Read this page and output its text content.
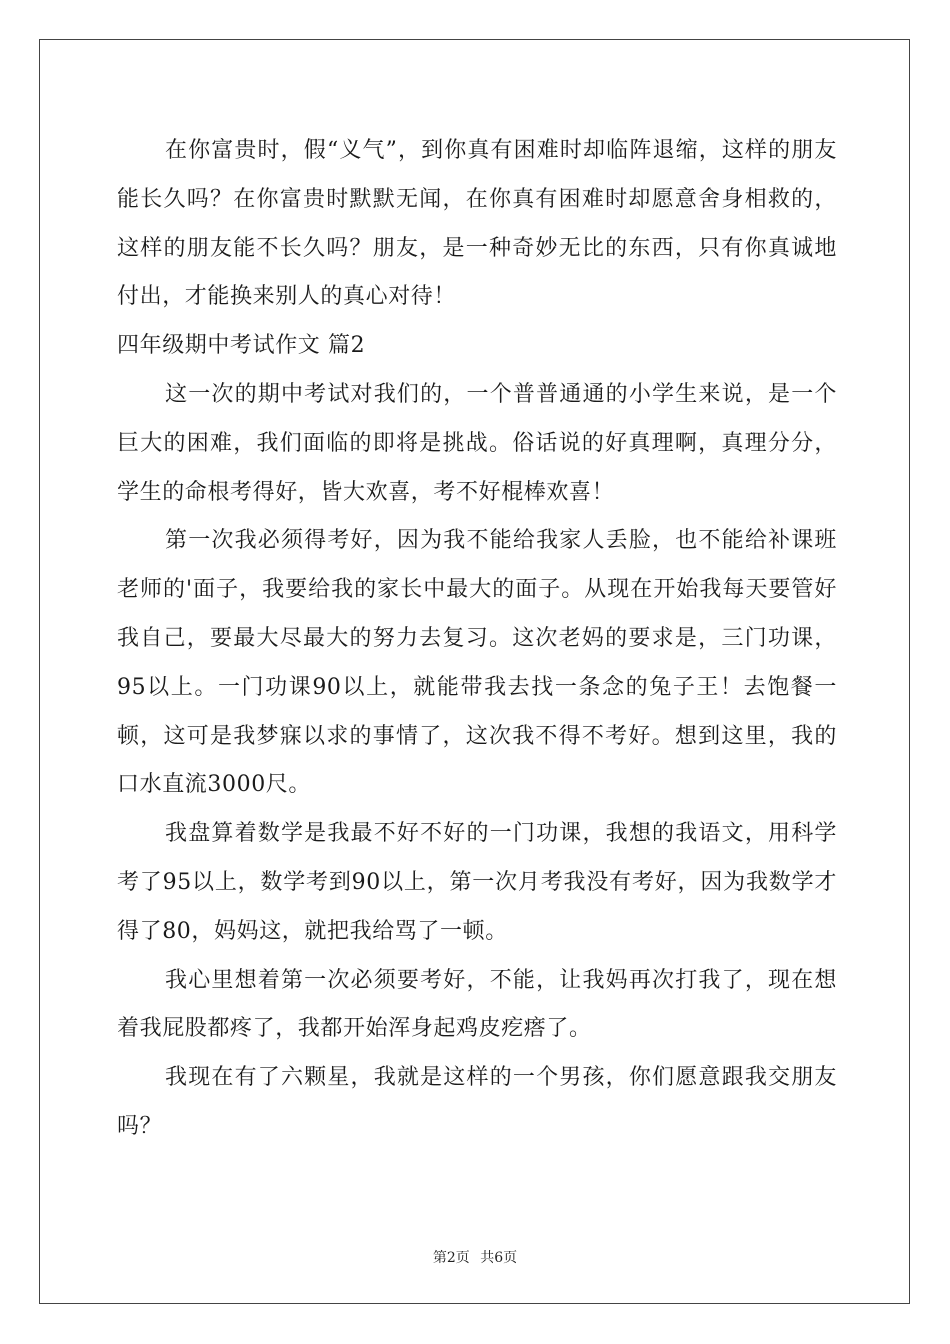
在你富贵时，假“义气”，到你真有困难时却临阵退缩，这样的朋友能长久吗？在你富贵时默默无闻，在你真有困难时却愿意舍身相救的，这样的朋友能不长久吗？朋友，是一种奇妙无比的东西，只有你真诚地付出，才能换来别人的真心对待！

四年级期中考试作文 篇2

这一次的期中考试对我们的，一个普普通通的小学生来说，是一个巨大的困难，我们面临的即将是挑战。俗话说的好真理啊，真理分分，学生的命根考得好，皆大欢喜，考不好棍棒欢喜！

第一次我必须得考好，因为我不能给我家人丢脸，也不能给补课班老师的'面子，我要给我的家长中最大的面子。从现在开始我每天要管好我自己，要最大尽最大的努力去复习。这次老妈的要求是，三门功课，95以上。一门功课90以上，就能带我去找一条念的兔子王！去饱餐一顿，这可是我梦寐以求的事情了，这次我不得不考好。想到这里，我的口水直流3000尺。

我盘算着数学是我最不好不好的一门功课，我想的我语文，用科学考了95以上，数学考到90以上，第一次月考我没有考好，因为我数学才得了80，妈妈这，就把我给骂了一顿。

我心里想着第一次必须要考好，不能，让我妈再次打我了，现在想着我屁股都疼了，我都开始浑身起鸡皮疙瘩了。

我现在有了六颗星，我就是这样的一个男孩，你们愿意跟我交朋友吗？

第2页 共6页
